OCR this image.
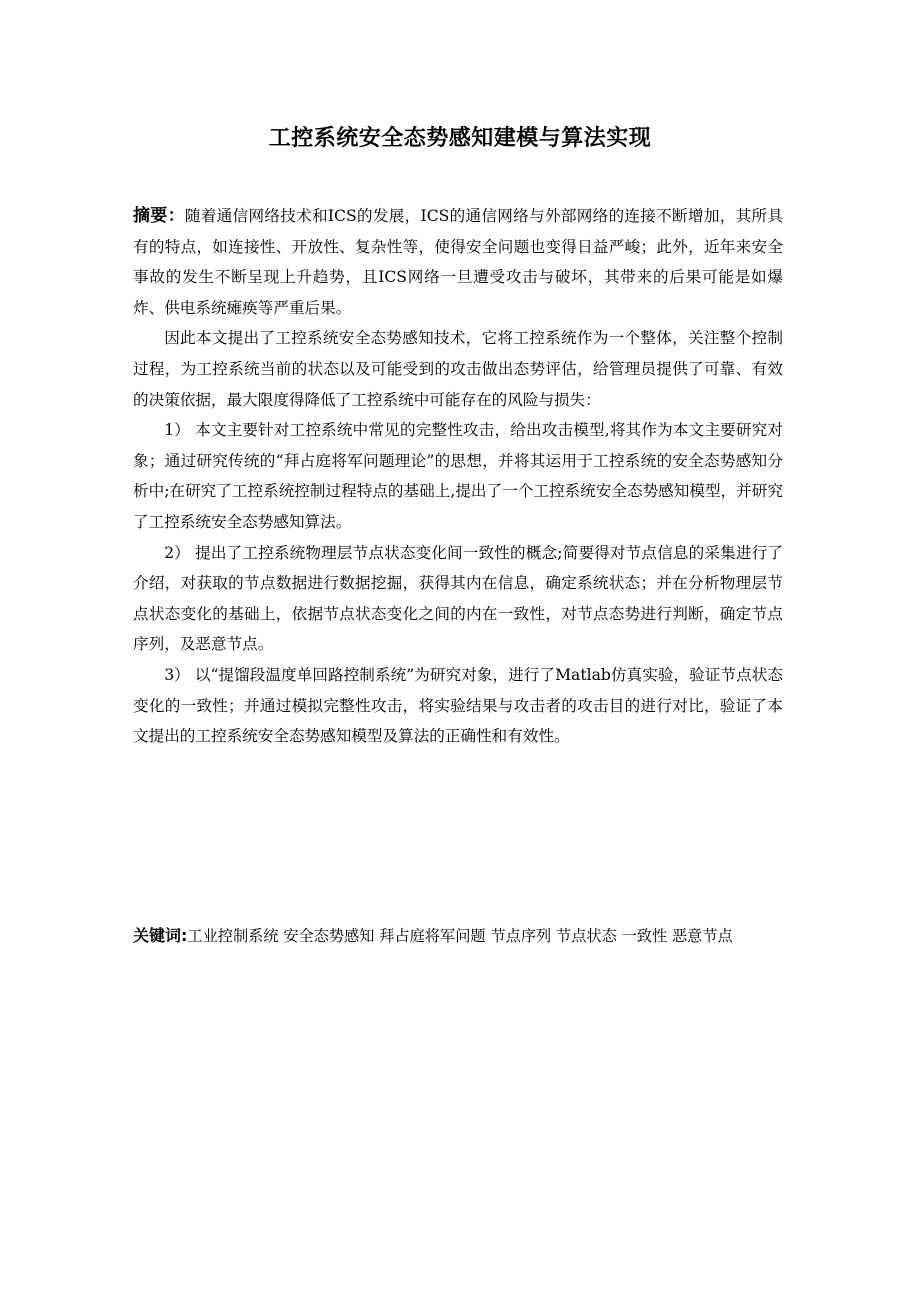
工控系统安全态势感知建模与算法实现

摘要：随着通信网络技术和ICS的发展，ICS的通信网络与外部网络的连接不断增加，其所具有的特点，如连接性、开放性、复杂性等，使得安全问题也变得日益严峻；此外，近年来安全事故的发生不断呈现上升趋势，且ICS网络一旦遭受攻击与破坏，其带来的后果可能是如爆炸、供电系统瘫痪等严重后果。

因此本文提出了工控系统安全态势感知技术，它将工控系统作为一个整体，关注整个控制过程，为工控系统当前的状态以及可能受到的攻击做出态势评估，给管理员提供了可靠、有效的决策依据，最大限度得降低了工控系统中可能存在的风险与损失：

1） 本文主要针对工控系统中常见的完整性攻击，给出攻击模型,将其作为本文主要研究对象；通过研究传统的“拜占庭将军问题理论”的思想，并将其运用于工控系统的安全态势感知分析中;在研究了工控系统控制过程特点的基础上,提出了一个工控系统安全态势感知模型，并研究了工控系统安全态势感知算法。

2） 提出了工控系统物理层节点状态变化间一致性的概念;简要得对节点信息的采集进行了介绍，对获取的节点数据进行数据挖掘，获得其内在信息，确定系统状态；并在分析物理层节点状态变化的基础上，依据节点状态变化之间的内在一致性，对节点态势进行判断，确定节点序列，及恶意节点。

3） 以“提馏段温度单回路控制系统”为研究对象，进行了Matlab仿真实验，验证节点状态变化的一致性；并通过模拟完整性攻击，将实验结果与攻击者的攻击目的进行对比，验证了本文提出的工控系统安全态势感知模型及算法的正确性和有效性。

关键词:工业控制系统 安全态势感知 拜占庭将军问题 节点序列 节点状态 一致性 恶意节点
